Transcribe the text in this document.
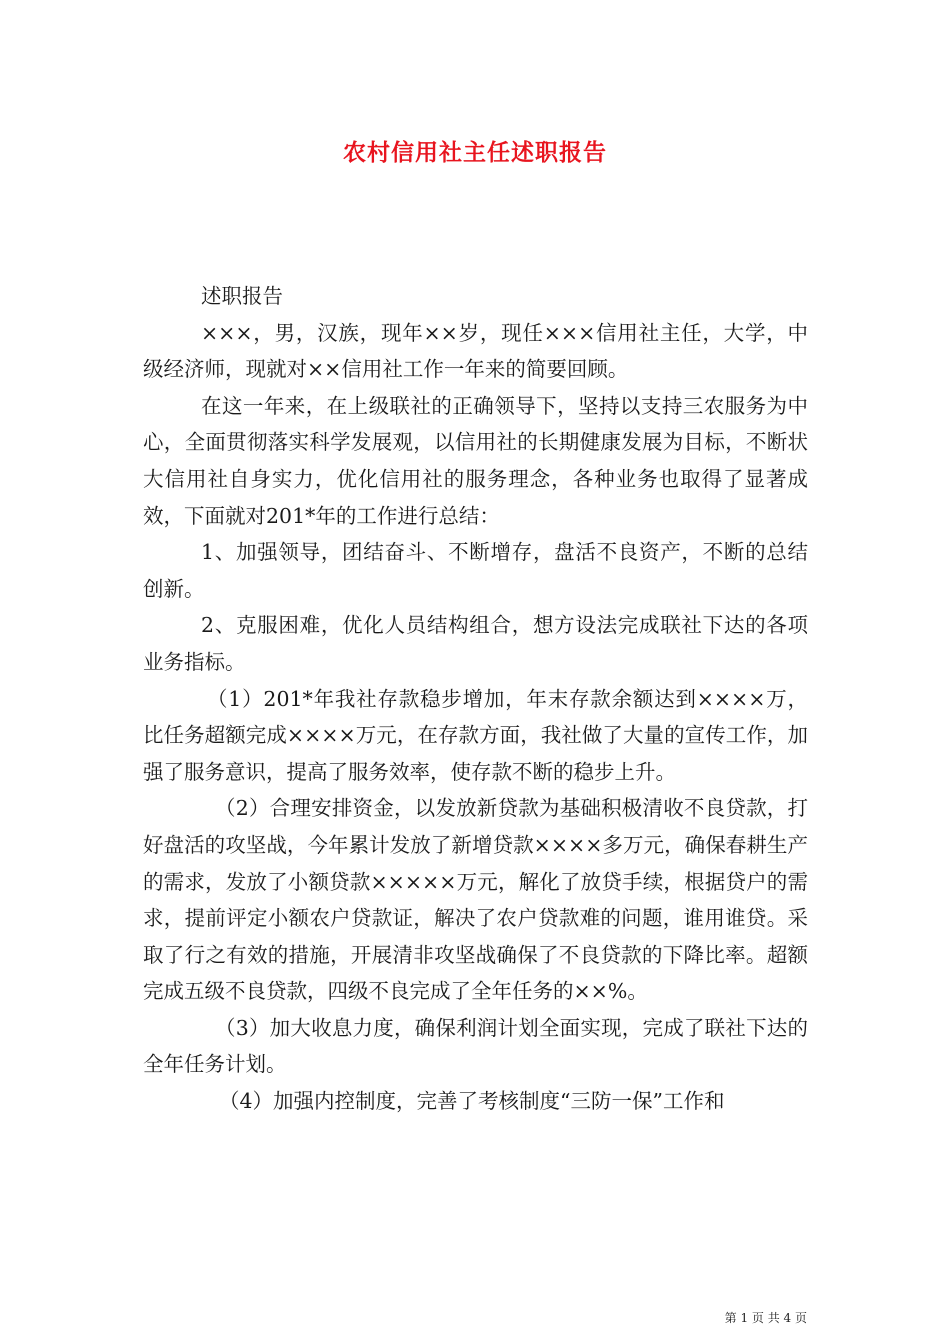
农村信用社主任述职报告

述职报告

×××，男，汉族，现年××岁，现任×××信用社主任，大学，中级经济师，现就对××信用社工作一年来的简要回顾。

在这一年来，在上级联社的正确领导下，坚持以支持三农服务为中心，全面贯彻落实科学发展观，以信用社的长期健康发展为目标，不断状大信用社自身实力，优化信用社的服务理念，各种业务也取得了显著成效，下面就对201*年的工作进行总结：

1、加强领导，团结奋斗、不断增存，盘活不良资产，不断的总结创新。

2、克服困难，优化人员结构组合，想方设法完成联社下达的各项业务指标。

（1）201*年我社存款稳步增加，年末存款余额达到××××万，比任务超额完成××××万元，在存款方面，我社做了大量的宣传工作，加强了服务意识，提高了服务效率，使存款不断的稳步上升。

（2）合理安排资金，以发放新贷款为基础积极清收不良贷款，打好盘活的攻坚战，今年累计发放了新增贷款××××多万元，确保春耕生产的需求，发放了小额贷款×××××万元，解化了放贷手续，根据贷户的需求，提前评定小额农户贷款证，解决了农户贷款难的问题，谁用谁贷。采取了行之有效的措施，开展清非攻坚战确保了不良贷款的下降比率。超额完成五级不良贷款，四级不良完成了全年任务的××%。

（3）加大收息力度，确保利润计划全面实现，完成了联社下达的全年任务计划。

（4）加强内控制度，完善了考核制度“三防一保”工作和

第 1 页 共 4 页
